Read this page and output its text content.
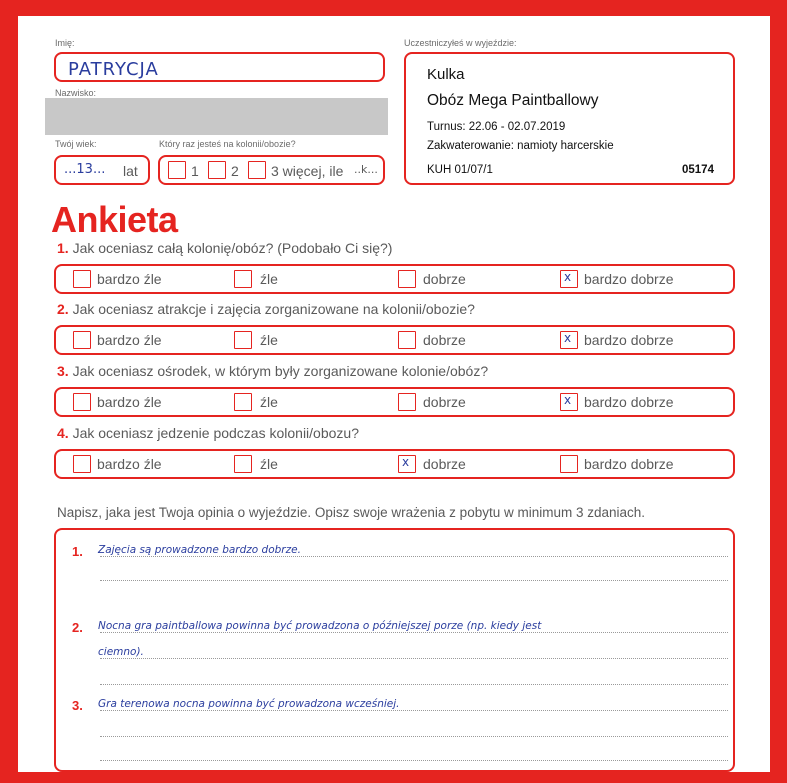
Imię:
PATRYCJA
Nazwisko:
Twój wiek:
...13... lat
Który raz jesteś na kolonii/obozie?
1 2 3 więcej, ile ..k...
Uczestniczyłeś w wyjeździe:
Kulka
Obóz Mega Paintballowy
Turnus: 22.06 - 02.07.2019
Zakwaterowanie: namioty harcerskie
KUH 01/07/1	05174
Ankieta
1. Jak oceniasz całą kolonię/obóz? (Podobało Ci się?)
bardzo źle	źle	dobrze	x bardzo dobrze
2. Jak oceniasz atrakcje i zajęcia zorganizowane na kolonii/obozie?
bardzo źle	źle	dobrze	x bardzo dobrze
3. Jak oceniasz ośrodek, w którym były zorganizowane kolonie/obóz?
bardzo źle	źle	dobrze	x bardzo dobrze
4. Jak oceniasz jedzenie podczas kolonii/obozu?
bardzo źle	źle	x dobrze	bardzo dobrze
Napisz, jaka jest Twoja opinia o wyjeździe. Opisz swoje wrażenia z pobytu w minimum 3 zdaniach.
1. Zajęcia są prowadzone bardzo dobrze.
2. Nocna gra paintballowa powinna być prowadzona o późniejszej porze (np. kiedy jest
ciemno).
3. Gra terenowa nocna powinna być prowadzona wcześniej.
